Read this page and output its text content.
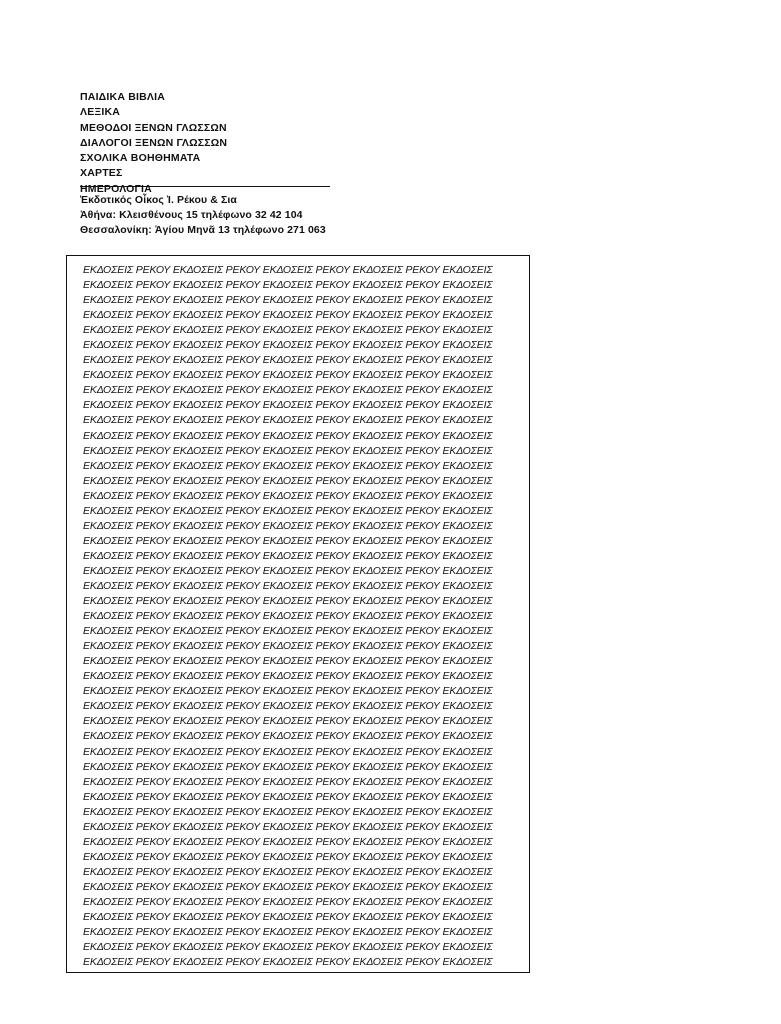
ΠΑΙΔΙΚΑ ΒΙΒΛΙΑ
ΛΕΞΙΚΑ
ΜΕΘΟΔΟΙ ΞΕΝΩΝ ΓΛΩΣΣΩΝ
ΔΙΑΛΟΓΟΙ ΞΕΝΩΝ ΓΛΩΣΣΩΝ
ΣΧΟΛΙΚΑ ΒΟΗΘΗΜΑΤΑ
ΧΑΡΤΕΣ
ΗΜΕΡΟΛΟΓΙΑ
Ἐκδοτικός Οἶκος Ἰ. Ρέκου & Σια
Ἀθήνα: Κλεισθένους 15 τηλέφωνο 32 42 104
Θεσσαλονίκη: Ἁγίου Μηνᾶ 13 τηλέφωνο 271 063
ΕΚΔΟΣΕΙΣ ΡΕΚΟΥ ΕΚΔΟΣΕΙΣ ΡΕΚΟΥ ΕΚΔΟΣΕΙΣ ΡΕΚΟΥ ΕΚΔΟΣΕΙΣ ΡΕΚΟΥ ΕΚΔΟΣΕΙΣ
ΕΚΔΟΣΕΙΣ ΡΕΚΟΥ ΕΚΔΟΣΕΙΣ ΡΕΚΟΥ ΕΚΔΟΣΕΙΣ ΡΕΚΟΥ ΕΚΔΟΣΕΙΣ ΡΕΚΟΥ ΕΚΔΟΣΕΙΣ
ΕΚΔΟΣΕΙΣ ΡΕΚΟΥ ΕΚΔΟΣΕΙΣ ΡΕΚΟΥ ΕΚΔΟΣΕΙΣ ΡΕΚΟΥ ΕΚΔΟΣΕΙΣ ΡΕΚΟΥ ΕΚΔΟΣΕΙΣ
ΕΚΔΟΣΕΙΣ ΡΕΚΟΥ ΕΚΔΟΣΕΙΣ ΡΕΚΟΥ ΕΚΔΟΣΕΙΣ ΡΕΚΟΥ ΕΚΔΟΣΕΙΣ ΡΕΚΟΥ ΕΚΔΟΣΕΙΣ
ΕΚΔΟΣΕΙΣ ΡΕΚΟΥ ΕΚΔΟΣΕΙΣ ΡΕΚΟΥ ΕΚΔΟΣΕΙΣ ΡΕΚΟΥ ΕΚΔΟΣΕΙΣ ΡΕΚΟΥ ΕΚΔΟΣΕΙΣ
ΕΚΔΟΣΕΙΣ ΡΕΚΟΥ ΕΚΔΟΣΕΙΣ ΡΕΚΟΥ ΕΚΔΟΣΕΙΣ ΡΕΚΟΥ ΕΚΔΟΣΕΙΣ ΡΕΚΟΥ ΕΚΔΟΣΕΙΣ
ΕΚΔΟΣΕΙΣ ΡΕΚΟΥ ΕΚΔΟΣΕΙΣ ΡΕΚΟΥ ΕΚΔΟΣΕΙΣ ΡΕΚΟΥ ΕΚΔΟΣΕΙΣ ΡΕΚΟΥ ΕΚΔΟΣΕΙΣ
ΕΚΔΟΣΕΙΣ ΡΕΚΟΥ ΕΚΔΟΣΕΙΣ ΡΕΚΟΥ ΕΚΔΟΣΕΙΣ ΡΕΚΟΥ ΕΚΔΟΣΕΙΣ ΡΕΚΟΥ ΕΚΔΟΣΕΙΣ
ΕΚΔΟΣΕΙΣ ΡΕΚΟΥ ΕΚΔΟΣΕΙΣ ΡΕΚΟΥ ΕΚΔΟΣΕΙΣ ΡΕΚΟΥ ΕΚΔΟΣΕΙΣ ΡΕΚΟΥ ΕΚΔΟΣΕΙΣ
ΕΚΔΟΣΕΙΣ ΡΕΚΟΥ ΕΚΔΟΣΕΙΣ ΡΕΚΟΥ ΕΚΔΟΣΕΙΣ ΡΕΚΟΥ ΕΚΔΟΣΕΙΣ ΡΕΚΟΥ ΕΚΔΟΣΕΙΣ
ΕΚΔΟΣΕΙΣ ΡΕΚΟΥ ΕΚΔΟΣΕΙΣ ΡΕΚΟΥ ΕΚΔΟΣΕΙΣ ΡΕΚΟΥ ΕΚΔΟΣΕΙΣ ΡΕΚΟΥ ΕΚΔΟΣΕΙΣ
ΕΚΔΟΣΕΙΣ ΡΕΚΟΥ ΕΚΔΟΣΕΙΣ ΡΕΚΟΥ ΕΚΔΟΣΕΙΣ ΡΕΚΟΥ ΕΚΔΟΣΕΙΣ ΡΕΚΟΥ ΕΚΔΟΣΕΙΣ
ΕΚΔΟΣΕΙΣ ΡΕΚΟΥ ΕΚΔΟΣΕΙΣ ΡΕΚΟΥ ΕΚΔΟΣΕΙΣ ΡΕΚΟΥ ΕΚΔΟΣΕΙΣ ΡΕΚΟΥ ΕΚΔΟΣΕΙΣ
ΕΚΔΟΣΕΙΣ ΡΕΚΟΥ ΕΚΔΟΣΕΙΣ ΡΕΚΟΥ ΕΚΔΟΣΕΙΣ ΡΕΚΟΥ ΕΚΔΟΣΕΙΣ ΡΕΚΟΥ ΕΚΔΟΣΕΙΣ
ΕΚΔΟΣΕΙΣ ΡΕΚΟΥ ΕΚΔΟΣΕΙΣ ΡΕΚΟΥ ΕΚΔΟΣΕΙΣ ΡΕΚΟΥ ΕΚΔΟΣΕΙΣ ΡΕΚΟΥ ΕΚΔΟΣΕΙΣ
ΕΚΔΟΣΕΙΣ ΡΕΚΟΥ ΕΚΔΟΣΕΙΣ ΡΕΚΟΥ ΕΚΔΟΣΕΙΣ ΡΕΚΟΥ ΕΚΔΟΣΕΙΣ ΡΕΚΟΥ ΕΚΔΟΣΕΙΣ
ΕΚΔΟΣΕΙΣ ΡΕΚΟΥ ΕΚΔΟΣΕΙΣ ΡΕΚΟΥ ΕΚΔΟΣΕΙΣ ΡΕΚΟΥ ΕΚΔΟΣΕΙΣ ΡΕΚΟΥ ΕΚΔΟΣΕΙΣ
ΕΚΔΟΣΕΙΣ ΡΕΚΟΥ ΕΚΔΟΣΕΙΣ ΡΕΚΟΥ ΕΚΔΟΣΕΙΣ ΡΕΚΟΥ ΕΚΔΟΣΕΙΣ ΡΕΚΟΥ ΕΚΔΟΣΕΙΣ
ΕΚΔΟΣΕΙΣ ΡΕΚΟΥ ΕΚΔΟΣΕΙΣ ΡΕΚΟΥ ΕΚΔΟΣΕΙΣ ΡΕΚΟΥ ΕΚΔΟΣΕΙΣ ΡΕΚΟΥ ΕΚΔΟΣΕΙΣ
ΕΚΔΟΣΕΙΣ ΡΕΚΟΥ ΕΚΔΟΣΕΙΣ ΡΕΚΟΥ ΕΚΔΟΣΕΙΣ ΡΕΚΟΥ ΕΚΔΟΣΕΙΣ ΡΕΚΟΥ ΕΚΔΟΣΕΙΣ
ΕΚΔΟΣΕΙΣ ΡΕΚΟΥ ΕΚΔΟΣΕΙΣ ΡΕΚΟΥ ΕΚΔΟΣΕΙΣ ΡΕΚΟΥ ΕΚΔΟΣΕΙΣ ΡΕΚΟΥ ΕΚΔΟΣΕΙΣ
ΕΚΔΟΣΕΙΣ ΡΕΚΟΥ ΕΚΔΟΣΕΙΣ ΡΕΚΟΥ ΕΚΔΟΣΕΙΣ ΡΕΚΟΥ ΕΚΔΟΣΕΙΣ ΡΕΚΟΥ ΕΚΔΟΣΕΙΣ
ΕΚΔΟΣΕΙΣ ΡΕΚΟΥ ΕΚΔΟΣΕΙΣ ΡΕΚΟΥ ΕΚΔΟΣΕΙΣ ΡΕΚΟΥ ΕΚΔΟΣΕΙΣ ΡΕΚΟΥ ΕΚΔΟΣΕΙΣ
ΕΚΔΟΣΕΙΣ ΡΕΚΟΥ ΕΚΔΟΣΕΙΣ ΡΕΚΟΥ ΕΚΔΟΣΕΙΣ ΡΕΚΟΥ ΕΚΔΟΣΕΙΣ ΡΕΚΟΥ ΕΚΔΟΣΕΙΣ
ΕΚΔΟΣΕΙΣ ΡΕΚΟΥ ΕΚΔΟΣΕΙΣ ΡΕΚΟΥ ΕΚΔΟΣΕΙΣ ΡΕΚΟΥ ΕΚΔΟΣΕΙΣ ΡΕΚΟΥ ΕΚΔΟΣΕΙΣ
ΕΚΔΟΣΕΙΣ ΡΕΚΟΥ ΕΚΔΟΣΕΙΣ ΡΕΚΟΥ ΕΚΔΟΣΕΙΣ ΡΕΚΟΥ ΕΚΔΟΣΕΙΣ ΡΕΚΟΥ ΕΚΔΟΣΕΙΣ
ΕΚΔΟΣΕΙΣ ΡΕΚΟΥ ΕΚΔΟΣΕΙΣ ΡΕΚΟΥ ΕΚΔΟΣΕΙΣ ΡΕΚΟΥ ΕΚΔΟΣΕΙΣ ΡΕΚΟΥ ΕΚΔΟΣΕΙΣ
ΕΚΔΟΣΕΙΣ ΡΕΚΟΥ ΕΚΔΟΣΕΙΣ ΡΕΚΟΥ ΕΚΔΟΣΕΙΣ ΡΕΚΟΥ ΕΚΔΟΣΕΙΣ ΡΕΚΟΥ ΕΚΔΟΣΕΙΣ
ΕΚΔΟΣΕΙΣ ΡΕΚΟΥ ΕΚΔΟΣΕΙΣ ΡΕΚΟΥ ΕΚΔΟΣΕΙΣ ΡΕΚΟΥ ΕΚΔΟΣΕΙΣ ΡΕΚΟΥ ΕΚΔΟΣΕΙΣ
ΕΚΔΟΣΕΙΣ ΡΕΚΟΥ ΕΚΔΟΣΕΙΣ ΡΕΚΟΥ ΕΚΔΟΣΕΙΣ ΡΕΚΟΥ ΕΚΔΟΣΕΙΣ ΡΕΚΟΥ ΕΚΔΟΣΕΙΣ
ΕΚΔΟΣΕΙΣ ΡΕΚΟΥ ΕΚΔΟΣΕΙΣ ΡΕΚΟΥ ΕΚΔΟΣΕΙΣ ΡΕΚΟΥ ΕΚΔΟΣΕΙΣ ΡΕΚΟΥ ΕΚΔΟΣΕΙΣ
ΕΚΔΟΣΕΙΣ ΡΕΚΟΥ ΕΚΔΟΣΕΙΣ ΡΕΚΟΥ ΕΚΔΟΣΕΙΣ ΡΕΚΟΥ ΕΚΔΟΣΕΙΣ ΡΕΚΟΥ ΕΚΔΟΣΕΙΣ
ΕΚΔΟΣΕΙΣ ΡΕΚΟΥ ΕΚΔΟΣΕΙΣ ΡΕΚΟΥ ΕΚΔΟΣΕΙΣ ΡΕΚΟΥ ΕΚΔΟΣΕΙΣ ΡΕΚΟΥ ΕΚΔΟΣΕΙΣ
ΕΚΔΟΣΕΙΣ ΡΕΚΟΥ ΕΚΔΟΣΕΙΣ ΡΕΚΟΥ ΕΚΔΟΣΕΙΣ ΡΕΚΟΥ ΕΚΔΟΣΕΙΣ ΡΕΚΟΥ ΕΚΔΟΣΕΙΣ
ΕΚΔΟΣΕΙΣ ΡΕΚΟΥ ΕΚΔΟΣΕΙΣ ΡΕΚΟΥ ΕΚΔΟΣΕΙΣ ΡΕΚΟΥ ΕΚΔΟΣΕΙΣ ΡΕΚΟΥ ΕΚΔΟΣΕΙΣ
ΕΚΔΟΣΕΙΣ ΡΕΚΟΥ ΕΚΔΟΣΕΙΣ ΡΕΚΟΥ ΕΚΔΟΣΕΙΣ ΡΕΚΟΥ ΕΚΔΟΣΕΙΣ ΡΕΚΟΥ ΕΚΔΟΣΕΙΣ
ΕΚΔΟΣΕΙΣ ΡΕΚΟΥ ΕΚΔΟΣΕΙΣ ΡΕΚΟΥ ΕΚΔΟΣΕΙΣ ΡΕΚΟΥ ΕΚΔΟΣΕΙΣ ΡΕΚΟΥ ΕΚΔΟΣΕΙΣ
ΕΚΔΟΣΕΙΣ ΡΕΚΟΥ ΕΚΔΟΣΕΙΣ ΡΕΚΟΥ ΕΚΔΟΣΕΙΣ ΡΕΚΟΥ ΕΚΔΟΣΕΙΣ ΡΕΚΟΥ ΕΚΔΟΣΕΙΣ
ΕΚΔΟΣΕΙΣ ΡΕΚΟΥ ΕΚΔΟΣΕΙΣ ΡΕΚΟΥ ΕΚΔΟΣΕΙΣ ΡΕΚΟΥ ΕΚΔΟΣΕΙΣ ΡΕΚΟΥ ΕΚΔΟΣΕΙΣ
ΕΚΔΟΣΕΙΣ ΡΕΚΟΥ ΕΚΔΟΣΕΙΣ ΡΕΚΟΥ ΕΚΔΟΣΕΙΣ ΡΕΚΟΥ ΕΚΔΟΣΕΙΣ ΡΕΚΟΥ ΕΚΔΟΣΕΙΣ
ΕΚΔΟΣΕΙΣ ΡΕΚΟΥ ΕΚΔΟΣΕΙΣ ΡΕΚΟΥ ΕΚΔΟΣΕΙΣ ΡΕΚΟΥ ΕΚΔΟΣΕΙΣ ΡΕΚΟΥ ΕΚΔΟΣΕΙΣ
ΕΚΔΟΣΕΙΣ ΡΕΚΟΥ ΕΚΔΟΣΕΙΣ ΡΕΚΟΥ ΕΚΔΟΣΕΙΣ ΡΕΚΟΥ ΕΚΔΟΣΕΙΣ ΡΕΚΟΥ ΕΚΔΟΣΕΙΣ
ΕΚΔΟΣΕΙΣ ΡΕΚΟΥ ΕΚΔΟΣΕΙΣ ΡΕΚΟΥ ΕΚΔΟΣΕΙΣ ΡΕΚΟΥ ΕΚΔΟΣΕΙΣ ΡΕΚΟΥ ΕΚΔΟΣΕΙΣ
ΕΚΔΟΣΕΙΣ ΡΕΚΟΥ ΕΚΔΟΣΕΙΣ ΡΕΚΟΥ ΕΚΔΟΣΕΙΣ ΡΕΚΟΥ ΕΚΔΟΣΕΙΣ ΡΕΚΟΥ ΕΚΔΟΣΕΙΣ
ΕΚΔΟΣΕΙΣ ΡΕΚΟΥ ΕΚΔΟΣΕΙΣ ΡΕΚΟΥ ΕΚΔΟΣΕΙΣ ΡΕΚΟΥ ΕΚΔΟΣΕΙΣ ΡΕΚΟΥ ΕΚΔΟΣΕΙΣ
ΕΚΔΟΣΕΙΣ ΡΕΚΟΥ ΕΚΔΟΣΕΙΣ ΡΕΚΟΥ ΕΚΔΟΣΕΙΣ ΡΕΚΟΥ ΕΚΔΟΣΕΙΣ ΡΕΚΟΥ ΕΚΔΟΣΕΙΣ
ΕΚΔΟΣΕΙΣ ΡΕΚΟΥ ΕΚΔΟΣΕΙΣ ΡΕΚΟΥ ΕΚΔΟΣΕΙΣ ΡΕΚΟΥ ΕΚΔΟΣΕΙΣ ΡΕΚΟΥ ΕΚΔΟΣΕΙΣ
